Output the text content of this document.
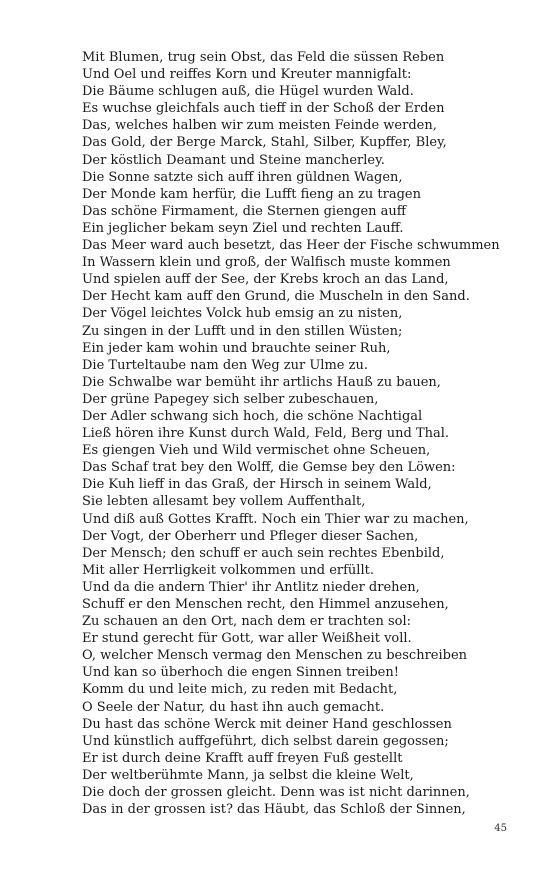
Mit Blumen, trug sein Obst, das Feld die süssen Reben
Und Oel und reiffes Korn und Kreuter mannigfalt:
Die Bäume schlugen auß, die Hügel wurden Wald.
Es wuchse gleichfals auch tieff in der Schoß der Erden
Das, welches halben wir zum meisten Feinde werden,
Das Gold, der Berge Marck, Stahl, Silber, Kupffer, Bley,
Der köstlich Deamant und Steine mancherley.
Die Sonne satzte sich auff ihren güldnen Wagen,
Der Monde kam herfür, die Lufft fieng an zu tragen
Das schöne Firmament, die Sternen giengen auff
Ein jeglicher bekam seyn Ziel und rechten Lauff.
Das Meer ward auch besetzt, das Heer der Fische schwummen
In Wassern klein und groß, der Walfisch muste kommen
Und spielen auff der See, der Krebs kroch an das Land,
Der Hecht kam auff den Grund, die Muscheln in den Sand.
Der Vögel leichtes Volck hub emsig an zu nisten,
Zu singen in der Lufft und in den stillen Wüsten;
Ein jeder kam wohin und brauchte seiner Ruh,
Die Turteltaube nam den Weg zur Ulme zu.
Die Schwalbe war bemüht ihr artlichs Hauß zu bauen,
Der grüne Papegey sich selber zubeschauen,
Der Adler schwang sich hoch, die schöne Nachtigal
Ließ hören ihre Kunst durch Wald, Feld, Berg und Thal.
Es giengen Vieh und Wild vermischet ohne Scheuen,
Das Schaf trat bey den Wolff, die Gemse bey den Löwen:
Die Kuh lieff in das Graß, der Hirsch in seinem Wald,
Sie lebten allesamt bey vollem Auffenthalt,
Und diß auß Gottes Krafft. Noch ein Thier war zu machen,
Der Vogt, der Oberherr und Pfleger dieser Sachen,
Der Mensch; den schuff er auch sein rechtes Ebenbild,
Mit aller Herrligkeit volkommen und erfüllt.
Und da die andern Thier' ihr Antlitz nieder drehen,
Schuff er den Menschen recht, den Himmel anzusehen,
Zu schauen an den Ort, nach dem er trachten sol:
Er stund gerecht für Gott, war aller Weißheit voll.
O, welcher Mensch vermag den Menschen zu beschreiben
Und kan so überhoch die engen Sinnen treiben!
Komm du und leite mich, zu reden mit Bedacht,
O Seele der Natur, du hast ihn auch gemacht.
Du hast das schöne Werck mit deiner Hand geschlossen
Und künstlich auffgeführt, dich selbst darein gegossen;
Er ist durch deine Krafft auff freyen Fuß gestellt
Der weltberühmte Mann, ja selbst die kleine Welt,
Die doch der grossen gleicht. Denn was ist nicht darinnen,
Das in der grossen ist? das Häubt, das Schloß der Sinnen,
45
